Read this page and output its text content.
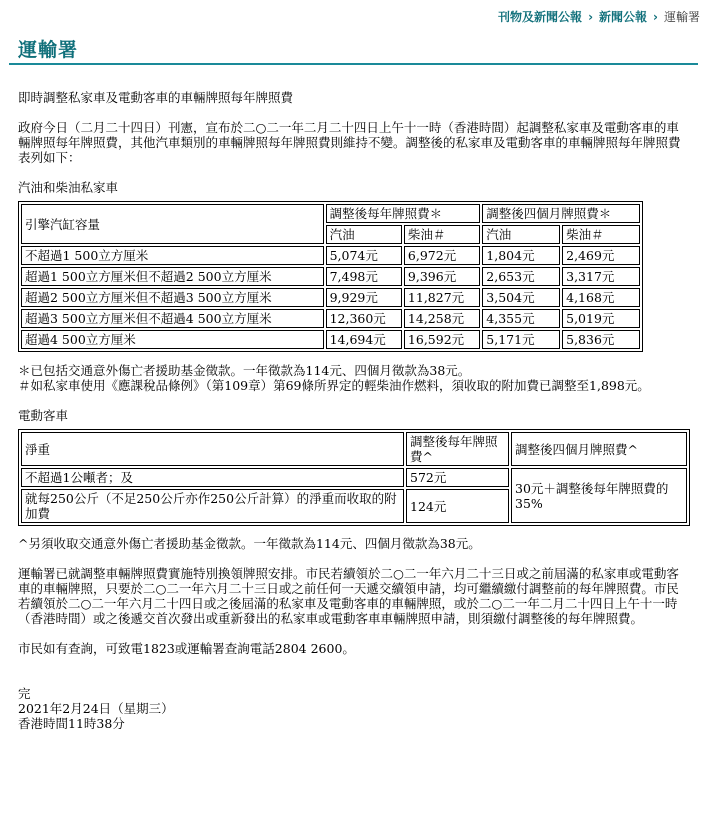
刊物及新聞公報 › 新聞公報 › 運輸署
運輸署

即時調整私家車及電動客車的車輛牌照每年牌照費

政府今日（二月二十四日）刊憲，宣布於二○二一年二月二十四日上午十一時（香港時間）起調整私家車及電動客車的車輛牌照每年牌照費，其他汽車類別的車輛牌照每年牌照費則維持不變。調整後的私家車及電動客車的車輛牌照每年牌照費表列如下：

汽油和柴油私家車

引擎汽缸容量	調整後每年牌照費＊		調整後四個月牌照費＊	
	汽油	柴油＃	汽油	柴油＃
不超過1 500立方厘米	5,074元	6,972元	1,804元	2,469元
超過1 500立方厘米但不超過2 500立方厘米	7,498元	9,396元	2,653元	3,317元
超過2 500立方厘米但不超過3 500立方厘米	9,929元	11,827元	3,504元	4,168元
超過3 500立方厘米但不超過4 500立方厘米	12,360元	14,258元	4,355元	5,019元
超過4 500立方厘米	14,694元	16,592元	5,171元	5,836元

＊已包括交通意外傷亡者援助基金徵款。一年徵款為114元、四個月徵款為38元。

＃如私家車使用《應課稅品條例》（第109章）第69條所界定的輕柴油作燃料，須收取的附加費已調整至1,898元。

電動客車

淨重	調整後每年牌照費^	調整後四個月牌照費^
不超過1公噸者；及	572元	30元＋調整後每年牌照費的35%
就每250公斤（不足250公斤亦作250公斤計算）的淨重而收取的附加費	124元	

^另須收取交通意外傷亡者援助基金徵款。一年徵款為114元、四個月徵款為38元。

運輸署已就調整車輛牌照費實施特別換領牌照安排。市民若續領於二○二一年六月二十三日或之前屆滿的私家車或電動客車的車輛牌照，只要於二○二一年六月二十三日或之前任何一天遞交續領申請，均可繼續繳付調整前的每年牌照費。市民若續領於二○二一年六月二十四日或之後屆滿的私家車及電動客車的車輛牌照，或於二○二一年二月二十四日上午十一時（香港時間）或之後遞交首次發出或重新發出的私家車或電動客車車輛牌照申請，則須繳付調整後的每年牌照費。

市民如有查詢，可致電1823或運輸署查詢電話2804 2600。

完

2021年2月24日（星期三）

香港時間11時38分
